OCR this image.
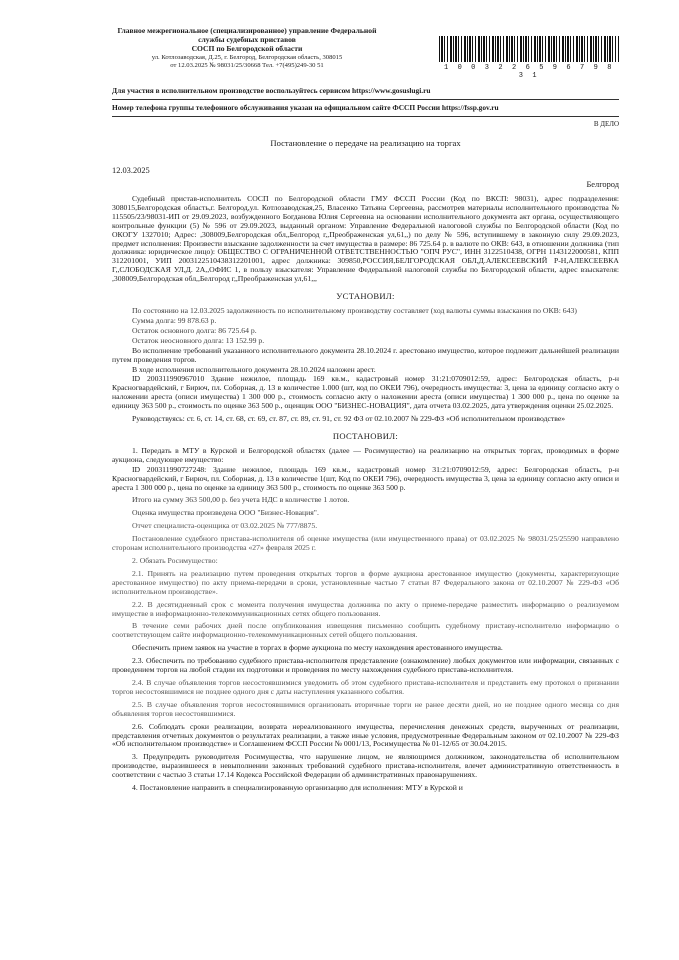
Главное межрегиональное (специализированное) управление Федеральной
службы судебных приставов
СОСП по Белгородской области
ул. Котлозаводская, Д.25, г. Белгород, Белгородская область, 308015
от 12.03.2025 № 98031/25/30668 Тел. +7(495)249-30 51	1 0 0 3 2 2 6 5 9 6 7 9 8 3 1
Для участия в исполнительном производстве воспользуйтесь сервисом https://www.gosuslugi.ru
Номер телефона группы телефонного обслуживания указан на официальном сайте ФССП России https://fssp.gov.ru
В ДЕЛО
Постановление о передаче на реализацию на торгах
12.03.2025
Белгород

Судебный пристав-исполнитель СОСП по Белгородской области ГМУ ФССП России (Код по ВКСП: 98031), адрес подразделения: 308015,Белгородская область,г. Белгород,ул. Котлозаводская,25, Власенко Татьяна Сергеевна, рассмотрев материалы исполнительного производства № 115505/23/98031-ИП от 29.09.2023, возбужденного Богданова Юлия Сергеевна на основании исполнительного документа акт органа, осуществляющего контрольные функции (5) № 596 от 29.09.2023, выданный органом: Управление Федеральной налоговой службы по Белгородской области (Код по ОКОГУ 1327010; Адрес: ,308009,Белгородская обл,,Белгород г,,Преображенская ул,61,,) по делу № 596, вступившему в законную силу 29.09.2023, предмет исполнения: Произвести взыскание задолженности за счет имущества в размере: 86 725.64 р. в валюте по ОКВ: 643, в отношении должника (тип должника: юридическое лицо): ОБЩЕСТВО С ОГРАНИЧЕННОЙ ОТВЕТСТВЕННОСТЬЮ "ОПЧ РУС", ИНН 3122510438, ОГРН 1143122000581, КПП 312201001, УИП 2003122510438312201001, адрес должника: 309850,РОССИЯ,БЕЛГОРОДСКАЯ ОБЛ,Д.АЛЕКСЕЕВСКИЙ Р-Н,АЛЕКСЕЕВКА Г,,СЛОБОДСКАЯ УЛ,Д. 2А,,ОФИС 1, в пользу взыскателя: Управление Федеральной налоговой службы по Белгородской области, адрес взыскателя: ,308009,Белгородская обл,,Белгород г,,Преображенская ул,61,,,

УСТАНОВИЛ:

По состоянию на 12.03.2025 задолженность по исполнительному производству составляет (ход валюты суммы взыскания по ОКВ: 643)

Сумма долга: 99 878.63 р.

Остаток основного долга: 86 725.64 р.

Остаток неосновного долга: 13 152.99 р.

Во исполнение требований указанного исполнительного документа 28.10.2024 г. арестовано имущество, которое подлежит дальнейшей реализации путем проведения торгов.

В ходе исполнения исполнительного документа 28.10.2024 наложен арест.

ID 200311990967010 Здание нежилое, площадь 169 кв.м., кадастровый номер 31:21:0709012:59, адрес: Белгородская область, р-н Красногвардейский, г Бирюч, пл. Соборная, д. 13 в количестве 1.000 (шт, код по ОКЕИ 796), очередность имущества: 3, цена за единицу согласно акту о наложении ареста (описи имущества) 1 300 000 р., стоимость согласно акту о наложении ареста (описи имущества) 1 300 000 р., цена по оценке за единицу 363 500 р., стоимость по оценке 363 500 р., оценщик ООО "БИЗНЕС-НОВАЦИЯ", дата отчета 03.02.2025, дата утверждения оценки 25.02.2025.

Руководствуясь: ст. 6, ст. 14, ст. 68, ст. 69, ст. 87, ст. 89, ст. 91, ст. 92 ФЗ от 02.10.2007 № 229-ФЗ «Об исполнительном производстве»

ПОСТАНОВИЛ:

1. Передать в МТУ в Курской и Белгородской областях (далее — Росимущество) на реализацию на открытых торгах, проводимых в форме аукциона, следующее имущество:

ID 200311990727248: Здание нежилое, площадь 169 кв.м., кадастровый номер 31:21:0709012:59, адрес: Белгородская область, р-н Красногвардейский, г Бирюч, пл. Соборная, д. 13 в количестве 1(шт, Код по ОКЕИ 796), очередность имущества 3, цена за единицу согласно акту описи и ареста 1 300 000 р., цена по оценке за единицу 363 500 р., стоимость по оценке 363 500 р.

Итого на сумму 363 500,00 р. без учета НДС в количестве 1 лотов.

Оценка имущества произведена ООО "Бизнес-Новация".

Отчет специалиста-оценщика от 03.02.2025 № 777/8875.

Постановление судебного пристава-исполнителя об оценке имущества (или имущественного права) от 03.02.2025 № 98031/25/25590 направлено сторонам исполнительного производства «27» февраля 2025 г.

2. Обязать Росимущество:

2.1. Принять на реализацию путем проведения открытых торгов в форме аукциона арестованное имущество (документы, характеризующие арестованное имущество) по акту приема-передачи в сроки, установленные частью 7 статьи 87 Федерального закона от 02.10.2007 № 229-ФЗ «Об исполнительном производстве».

2.2. В десятидневный срок с момента получения имущества должника по акту о приеме-передаче разместить информацию о реализуемом имуществе в информационно-телекоммуникационных сетях общего пользования.

В течение семи рабочих дней после опубликования извещения письменно сообщить судебному приставу-исполнителю информацию о соответствующем сайте информационно-телекоммуникационных сетей общего пользования.

Обеспечить прием заявок на участие в торгах в форме аукциона по месту нахождения арестованного имущества.

2.3. Обеспечить по требованию судебного пристава-исполнителя представление (ознакомление) любых документов или информации, связанных с проведением торгов на любой стадии их подготовки и проведения по месту нахождения судебного пристава-исполнителя.

2.4. В случае объявления торгов несостоявшимися уведомить об этом судебного пристава-исполнителя и представить ему протокол о признании торгов несостоявшимися не позднее одного дня с даты наступления указанного события.

2.5. В случае объявления торгов несостоявшимися организовать вторичные торги не ранее десяти дней, но не позднее одного месяца со дня объявления торгов несостоявшимися.

2.6. Соблюдать сроки реализации, возврата нереализованного имущества, перечисления денежных средств, вырученных от реализации, представления отчетных документов о результатах реализации, а также иные условия, предусмотренные Федеральным законом от 02.10.2007 № 229-ФЗ «Об исполнительном производстве» и Соглашением ФССП России № 0001/13, Росимущества № 01-12/65 от 30.04.2015.

3. Предупредить руководителя Росимущества, что нарушение лицом, не являющимся должником, законодательства об исполнительном производстве, выразившееся в невыполнении законных требований судебного пристава-исполнителя, влечет административную ответственность в соответствии с частью 3 статьи 17.14 Кодекса Российской Федерации об административных правонарушениях.

4. Постановление направить в специализированную организацию для исполнения: МТУ в Курской и
